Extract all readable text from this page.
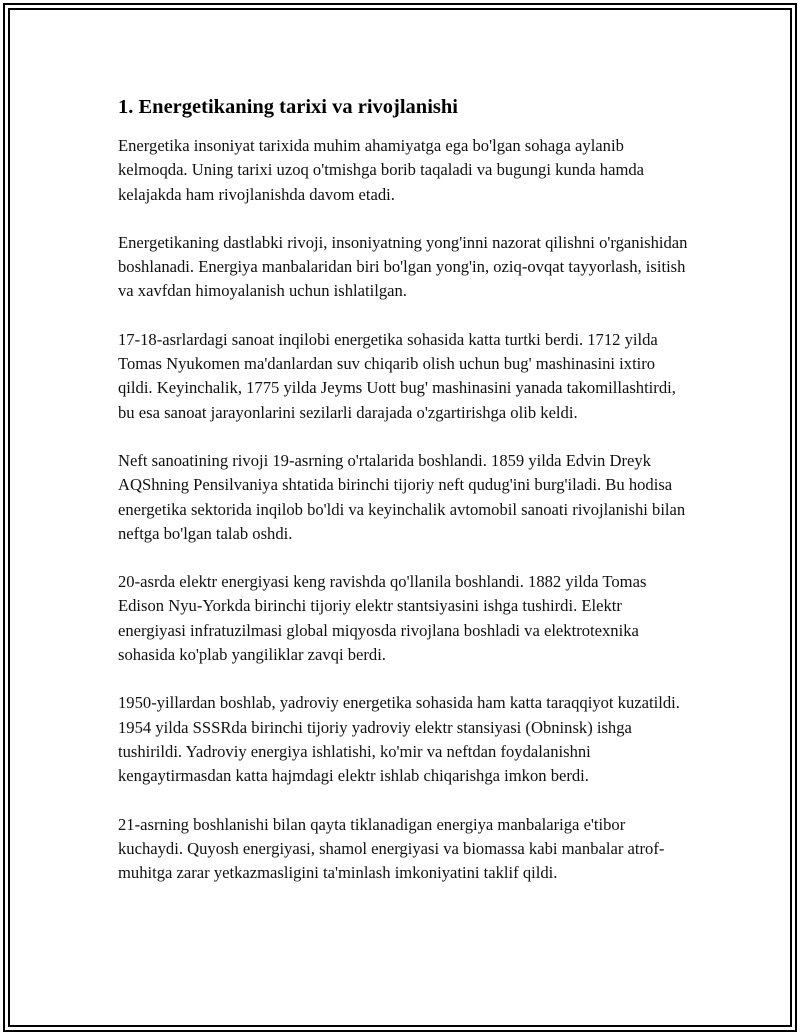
1. Energetikaning tarixi va rivojlanishi

Energetika insoniyat tarixida muhim ahamiyatga ega bo'lgan sohaga aylanib kelmoqda. Uning tarixi uzoq o'tmishga borib taqaladi va bugungi kunda hamda kelajakda ham rivojlanishda davom etadi.

Energetikaning dastlabki rivoji, insoniyatning yong'inni nazorat qilishni o'rganishidan boshlanadi. Energiya manbalaridan biri bo'lgan yong'in, oziq-ovqat tayyorlash, isitish va xavfdan himoyalanish uchun ishlatilgan.

17-18-asrlardagi sanoat inqilobi energetika sohasida katta turtki berdi. 1712 yilda Tomas Nyukomen ma'danlardan suv chiqarib olish uchun bug' mashinasini ixtiro qildi. Keyinchalik, 1775 yilda Jeyms Uott bug' mashinasini yanada takomillashtirdi, bu esa sanoat jarayonlarini sezilarli darajada o'zgartirishga olib keldi.

Neft sanoatining rivoji 19-asrning o'rtalarida boshlandi. 1859 yilda Edvin Dreyk AQShning Pensilvaniya shtatida birinchi tijoriy neft qudug'ini burg'iladi. Bu hodisa energetika sektorida inqilob bo'ldi va keyinchalik avtomobil sanoati rivojlanishi bilan neftga bo'lgan talab oshdi.

20-asrda elektr energiyasi keng ravishda qo'llanila boshlandi. 1882 yilda Tomas Edison Nyu-Yorkda birinchi tijoriy elektr stantsiyasini ishga tushirdi. Elektr energiyasi infratuzilmasi global miqyosda rivojlana boshladi va elektrotexnika sohasida ko'plab yangiliklar zavqi berdi.

1950-yillardan boshlab, yadroviy energetika sohasida ham katta taraqqiyot kuzatildi. 1954 yilda SSSRda birinchi tijoriy yadroviy elektr stansiyasi (Obninsk) ishga tushirildi. Yadroviy energiya ishlatishi, ko'mir va neftdan foydalanishni kengaytirmasdan katta hajmdagi elektr ishlab chiqarishga imkon berdi.

21-asrning boshlanishi bilan qayta tiklanadigan energiya manbalariga e'tibor kuchaydi. Quyosh energiyasi, shamol energiyasi va biomassa kabi manbalar atrof-muhitga zarar yetkazmasligini ta'minlash imkoniyatini taklif qildi.
